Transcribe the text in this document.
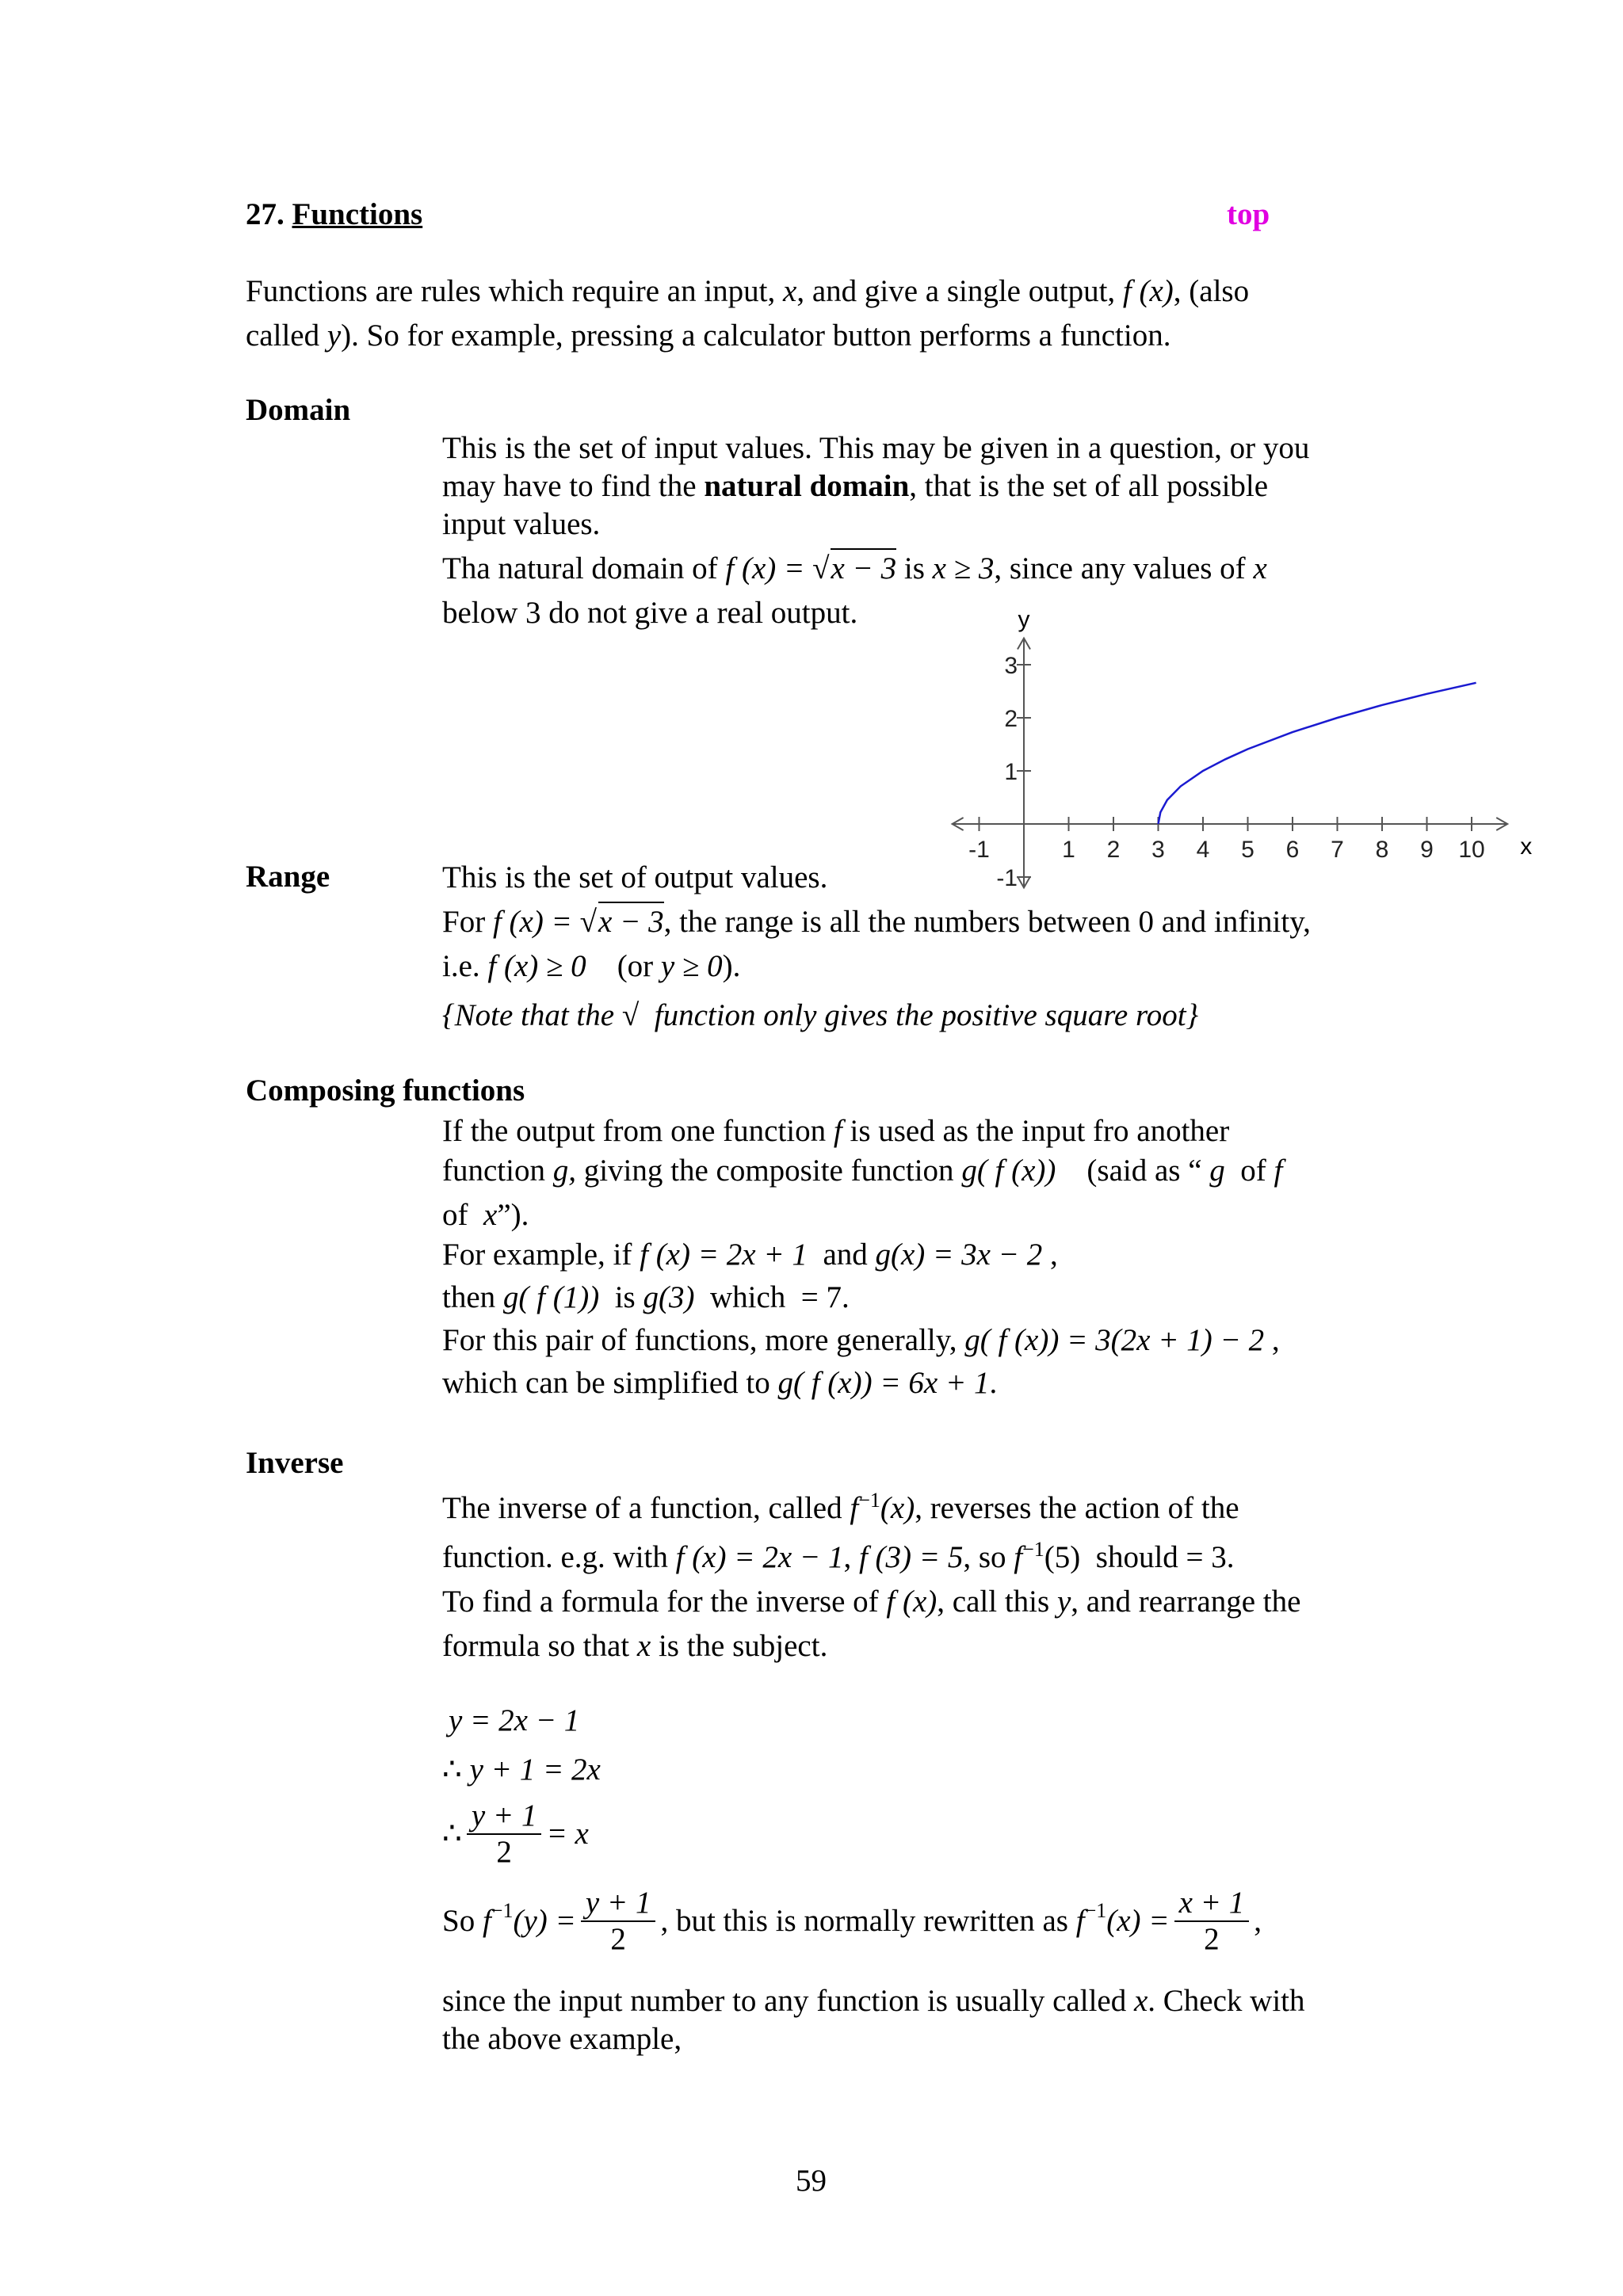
27. Functions	top
Functions are rules which require an input, x, and give a single output, f (x), (also
called y). So for example, pressing a calculator button performs a function.
Domain
This is the set of input values. This may be given in a question, or you
may have to find the natural domain, that is the set of all possible
input values.
Tha natural domain of f (x) = √x − 3 is x ≥ 3, since any values of x
below 3 do not give a real output.
-1	1 2 3 4 5 6 7 8 9 10
3
2
1
-1
x
y
Range	This is the set of output values.
For f (x) = √x − 3, the range is all the numbers between 0 and infinity,
i.e. f (x) ≥ 0    (or y ≥ 0).
{Note that the √  function only gives the positive square root}
Composing functions
If the output from one function f is used as the input fro another
function g, giving the composite function g( f (x))    (said as “ g  of f
of  x”).
For example, if f (x) = 2x + 1  and g(x) = 3x − 2 ,
then g( f (1))  is g(3)  which  = 7.
For this pair of functions, more generally, g( f (x)) = 3(2x + 1) − 2 ,
which can be simplified to g( f (x)) = 6x + 1.
Inverse
The inverse of a function, called $f^{-1}(x)$, reverses the action of the
function. e.g. with f (x) = 2x − 1, f (3) = 5, so $f^{-1}(5)$  should = 3.
To find a formula for the inverse of f (x), call this y, and rearrange the
formula so that x is the subject.
y = 2x − 1
∴ y + 1 = 2x
∴ $\frac{y + 1}{2} = x$
So $f^{-1}(y) = \frac{y + 1}{2}$ , but this is normally rewritten as $f^{-1}(x) = \frac{x + 1}{2}$ ,
since the input number to any function is usually called x. Check with
the above example,
59
